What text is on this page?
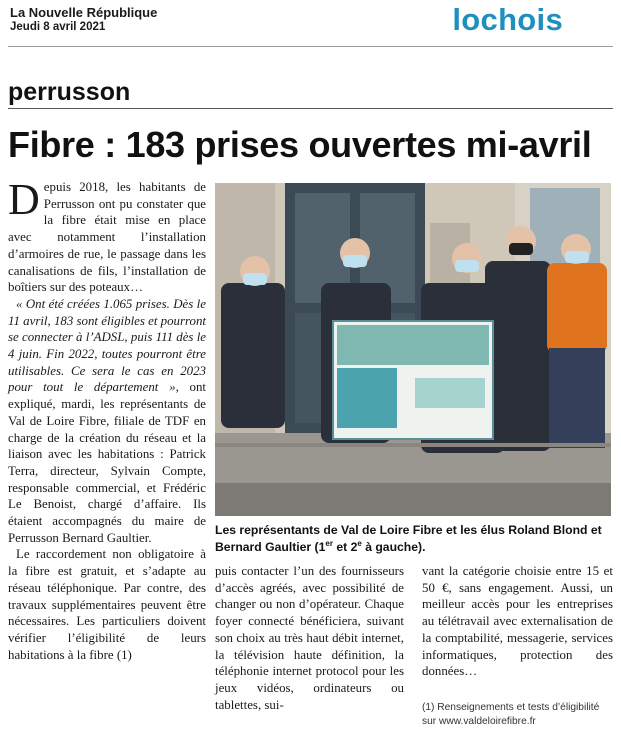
La Nouvelle République
Jeudi 8 avril 2021	lochois
perrusson
Fibre : 183 prises ouvertes mi-avril

Depuis 2018, les habitants de Perrusson ont pu constater que la fibre était mise en place avec notamment l’installation d’armoires de rue, le passage dans les canalisations de fils, l’installation de boîtiers sur des poteaux…

« Ont été créées 1.065 prises. Dès le 11 avril, 183 sont éligibles et pourront se connecter à l’ADSL, puis 111 dès le 4 juin. Fin 2022, toutes pourront être utilisables. Ce sera le cas en 2023 pour tout le département », ont expliqué, mardi, les représentants de Val de Loire Fibre, filiale de TDF en charge de la création du réseau et la liaison avec les habitations : Patrick Terra, directeur, Sylvain Compte, responsable commercial, et Frédéric Le Benoist, chargé d’affaire. Ils étaient accompagnés du maire de Perrusson Bernard Gaultier.

Le raccordement non obligatoire à la fibre est gratuit, et s’adapte au réseau téléphonique. Par contre, des travaux supplémentaires peuvent être nécessaires. Les particuliers doivent vérifier l’éligibilité de leurs habitations à la fibre (1)

Les représentants de Val de Loire Fibre et les élus Roland Blond et Bernard Gaultier (1er et 2e à gauche).

puis contacter l’un des fournisseurs d’accès agréés, avec possibilité de changer ou non d’opérateur. Chaque foyer connecté bénéficiera, suivant son choix au très haut débit internet, la télévision haute définition, la téléphonie internet protocol pour les jeux vidéos, ordinateurs ou tablettes, sui-

vant la catégorie choisie entre 15 et 50 €, sans engagement. Aussi, un meilleur accès pour les entreprises au télétravail avec externalisation de la comptabilité, messagerie, services informatiques, protection des données…

(1) Renseignements et tests d’éligibilité
sur www.valdeloirefibre.fr
